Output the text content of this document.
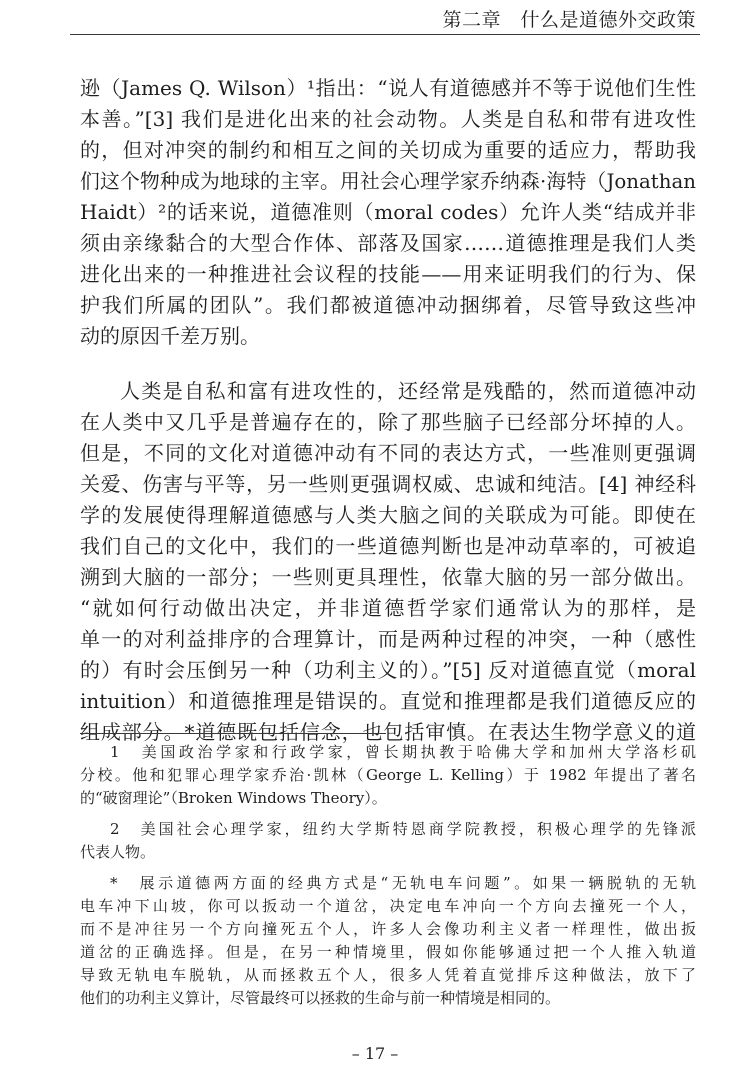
第二章　什么是道德外交政策
逊（James Q. Wilson）¹指出：“说人有道德感并不等于说他们生性
本善。”[3] 我们是进化出来的社会动物。人类是自私和带有进攻性
的，但对冲突的制约和相互之间的关切成为重要的适应力，帮助我
们这个物种成为地球的主宰。用社会心理学家乔纳森·海特（Jonathan
Haidt）²的话来说，道德准则（moral codes）允许人类“结成并非
须由亲缘黏合的大型合作体、部落及国家……道德推理是我们人类
进化出来的一种推进社会议程的技能——用来证明我们的行为、保
护我们所属的团队”。我们都被道德冲动捆绑着，尽管导致这些冲
动的原因千差万别。
人类是自私和富有进攻性的，还经常是残酷的，然而道德冲动
在人类中又几乎是普遍存在的，除了那些脑子已经部分坏掉的人。
但是，不同的文化对道德冲动有不同的表达方式，一些准则更强调
关爱、伤害与平等，另一些则更强调权威、忠诚和纯洁。[4] 神经科
学的发展使得理解道德感与人类大脑之间的关联成为可能。即使在
我们自己的文化中，我们的一些道德判断也是冲动草率的，可被追
溯到大脑的一部分；一些则更具理性，依靠大脑的另一部分做出。
“就如何行动做出决定，并非道德哲学家们通常认为的那样，是
单一的对利益排序的合理算计，而是两种过程的冲突，一种（感性
的）有时会压倒另一种（功利主义的）。”[5] 反对道德直觉（moral
intuition）和道德推理是错误的。直觉和推理都是我们道德反应的
组成部分。*道德既包括信念，也包括审慎。在表达生物学意义的道
1　美国政治学家和行政学家，曾长期执教于哈佛大学和加州大学洛杉矶
分校。他和犯罪心理学家乔治·凯林（George L. Kelling）于 1982 年提出了著名
的“破窗理论”（Broken Windows Theory）。
2　美国社会心理学家，纽约大学斯特恩商学院教授，积极心理学的先锋派
代表人物。
*　展示道德两方面的经典方式是“无轨电车问题”。如果一辆脱轨的无轨
电车冲下山坡，你可以扳动一个道岔，决定电车冲向一个方向去撞死一个人，
而不是冲往另一个方向撞死五个人，许多人会像功利主义者一样理性，做出扳
道岔的正确选择。但是，在另一种情境里，假如你能够通过把一个人推入轨道
导致无轨电车脱轨，从而拯救五个人，很多人凭着直觉排斥这种做法，放下了
他们的功利主义算计，尽管最终可以拯救的生命与前一种情境是相同的。
– 17 –
